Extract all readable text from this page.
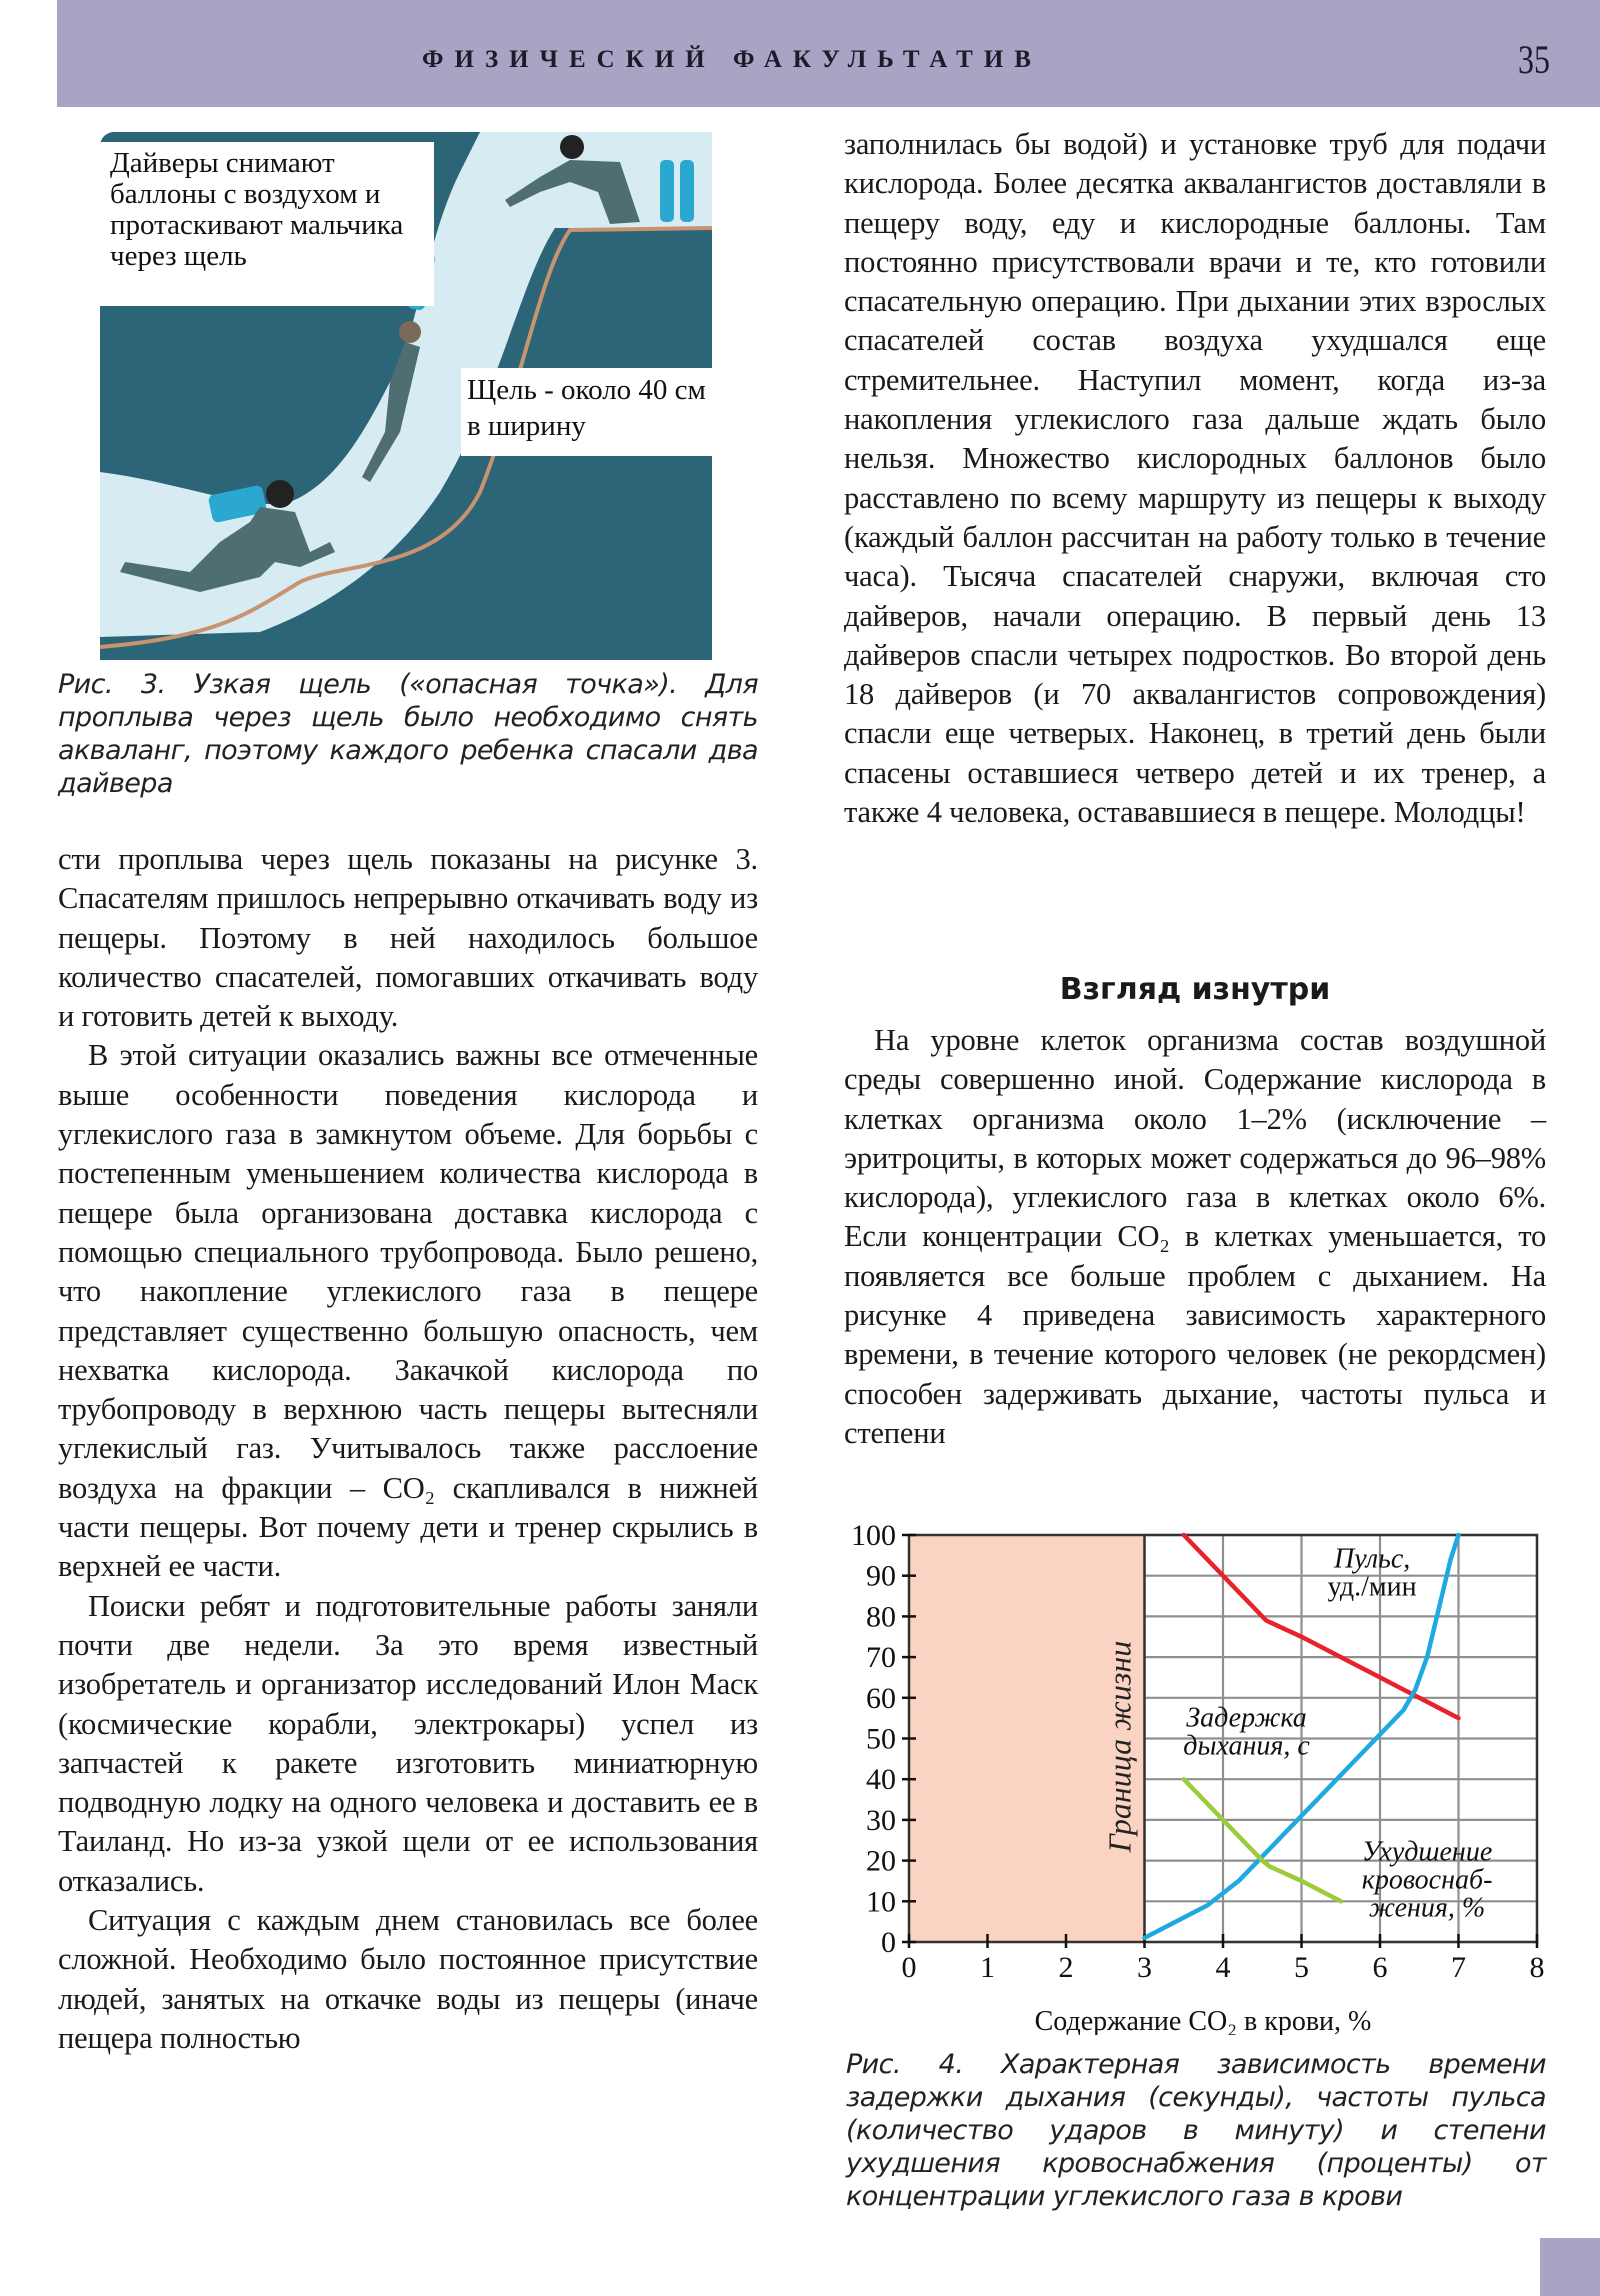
ФИЗИЧЕСКИЙ ФАКУЛЬТАТИВ	35
Дайверы снимают баллоны с воздухом и протаскивают мальчика через щель
Щель - около 40 см в ширину
Рис. 3. Узкая щель («опасная точка»). Для проплыва через щель было необходимо снять акваланг, поэтому каждого ребенка спасали два дайвера

сти проплыва через щель показаны на рисунке 3. Спасателям пришлось непрерывно откачивать воду из пещеры. Поэтому в ней находилось большое количество спасателей, помогавших откачивать воду и готовить детей к выходу.

В этой ситуации оказались важны все отмеченные выше особенности поведения кислорода и углекислого газа в замкнутом объеме. Для борьбы с постепенным уменьшением количества кислорода в пещере была организована доставка кислорода с помощью специального трубопровода. Было решено, что накопление углекислого газа в пещере представляет существенно большую опасность, чем нехватка кислорода. Закачкой кислорода по трубопроводу в верхнюю часть пещеры вытесняли углекислый газ. Учитывалось также расслоение воздуха на фракции – CO₂ скапливался в нижней части пещеры. Вот почему дети и тренер скрылись в верхней ее части.

Поиски ребят и подготовительные работы заняли почти две недели. За это время известный изобретатель и организатор исследований Илон Маск (космические корабли, электрокары) успел из запчастей к ракете изготовить миниатюрную подводную лодку на одного человека и доставить ее в Таиланд. Но из-за узкой щели от ее использования отказались.

Ситуация с каждым днем становилась все более сложной. Необходимо было постоянное присутствие людей, занятых на откачке воды из пещеры (иначе пещера полностью

заполнилась бы водой) и установке труб для подачи кислорода. Более десятка аквалангистов доставляли в пещеру воду, еду и кислородные баллоны. Там постоянно присутствовали врачи и те, кто готовили спасательную операцию. При дыхании этих взрослых спасателей состав воздуха ухудшался еще стремительнее. Наступил момент, когда из-за накопления углекислого газа дальше ждать было нельзя. Множество кислородных баллонов было расставлено по всему маршруту из пещеры к выходу (каждый баллон рассчитан на работу только в течение часа). Тысяча спасателей снаружи, включая сто дайверов, начали операцию. В первый день 13 дайверов спасли четырех подростков. Во второй день 18 дайверов (и 70 аквалангистов сопровождения) спасли еще четверых. Наконец, в третий день были спасены оставшиеся четверо детей и их тренер, а также 4 человека, остававшиеся в пещере. Молодцы!

Взгляд изнутри

На уровне клеток организма состав воздушной среды совершенно иной. Содержание кислорода в клетках организма около 1–2% (исключение – эритроциты, в которых может содержаться до 96–98% кислорода), углекислого газа в клетках около 6%. Если концентрации CO₂ в клетках уменьшается, то появляется все больше проблем с дыханием. На рисунке 4 приведена зависимость характерного времени, в течение которого человек (не рекордсмен) способен задерживать дыхание, частоты пульса и степени

0
10
20
30
40
50
60
70
80
90
100
0 1 2 3 4 5 6 7 8
Содержание CO₂ в крови, %
Граница жизни
Пульс,
уд./мин
Задержка
дыхания, с
Ухудшение
кровоснаб-
жения, %
Рис. 4. Характерная зависимость времени задержки дыхания (секунды), частоты пульса (количество ударов в минуту) и степени ухудшения кровоснабжения (проценты) от концентрации углекислого газа в крови
